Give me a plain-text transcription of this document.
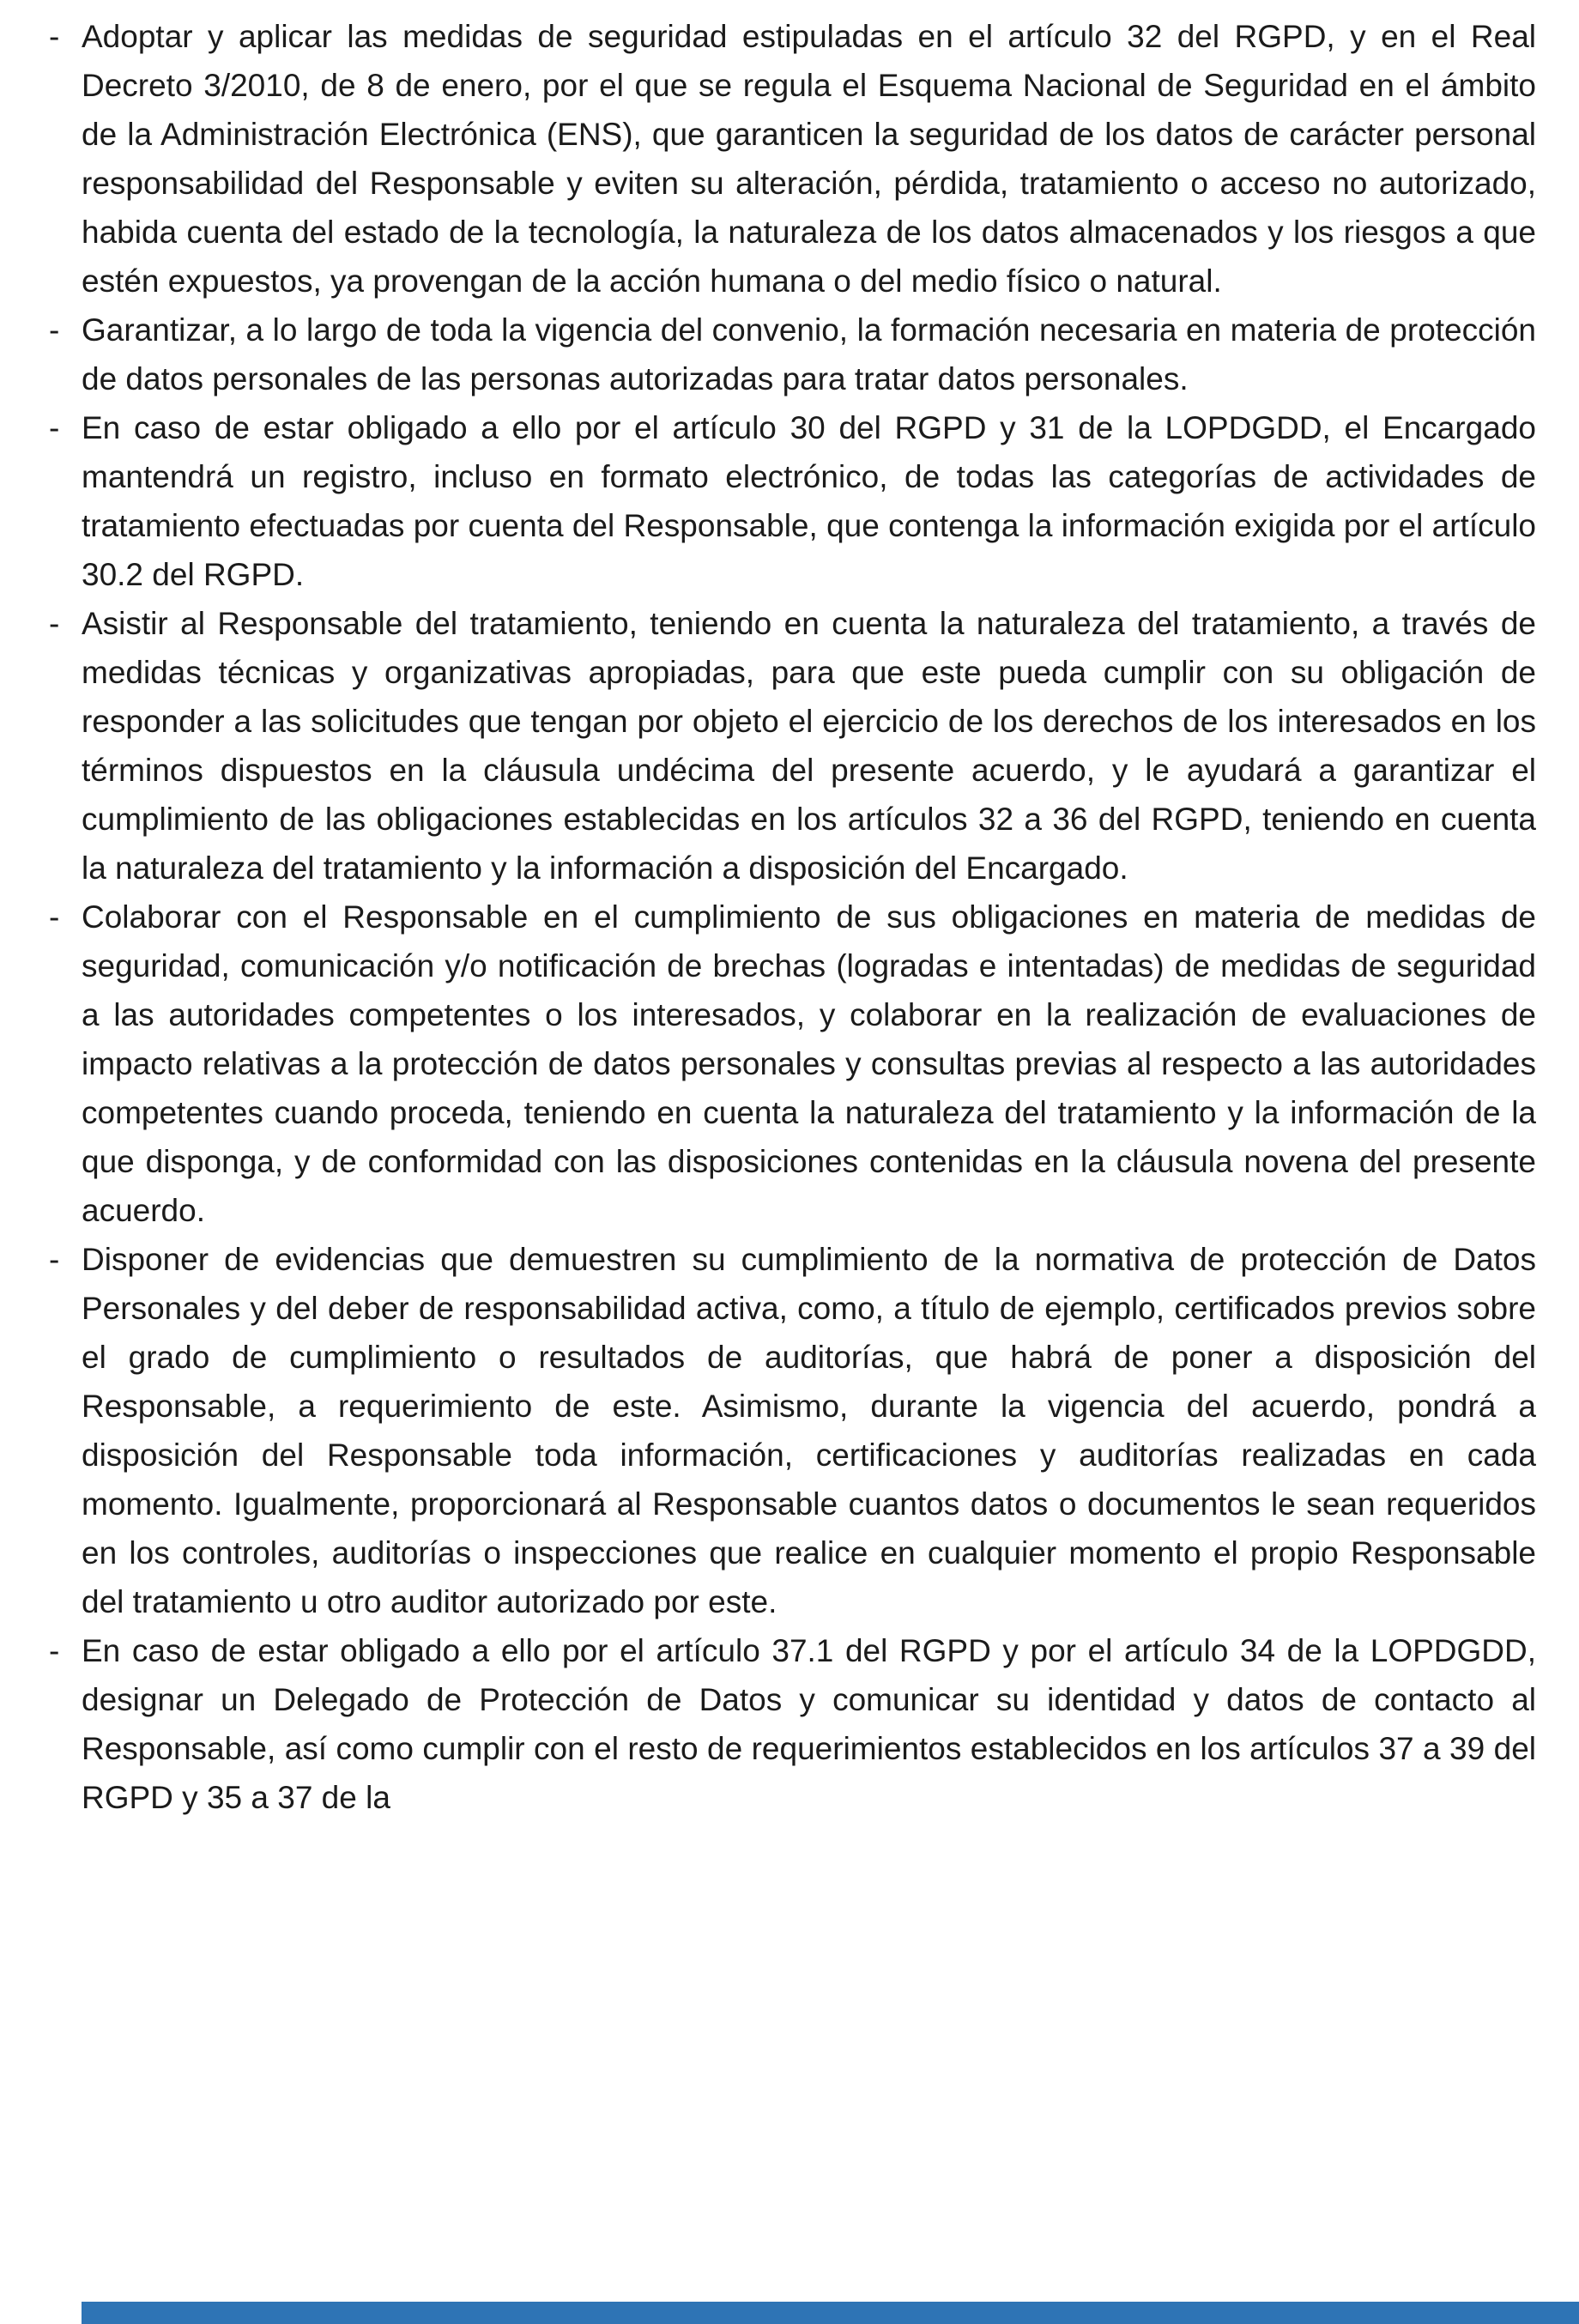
- Adoptar y aplicar las medidas de seguridad estipuladas en el artículo 32 del RGPD, y en el Real Decreto 3/2010, de 8 de enero, por el que se regula el Esquema Nacional de Seguridad en el ámbito de la Administración Electrónica (ENS), que garanticen la seguridad de los datos de carácter personal responsabilidad del Responsable y eviten su alteración, pérdida, tratamiento o acceso no autorizado, habida cuenta del estado de la tecnología, la naturaleza de los datos almacenados y los riesgos a que estén expuestos, ya provengan de la acción humana o del medio físico o natural.
- Garantizar, a lo largo de toda la vigencia del convenio, la formación necesaria en materia de protección de datos personales de las personas autorizadas para tratar datos personales.
- En caso de estar obligado a ello por el artículo 30 del RGPD y 31 de la LOPDGDD, el Encargado mantendrá un registro, incluso en formato electrónico, de todas las categorías de actividades de tratamiento efectuadas por cuenta del Responsable, que contenga la información exigida por el artículo 30.2 del RGPD.
- Asistir al Responsable del tratamiento, teniendo en cuenta la naturaleza del tratamiento, a través de medidas técnicas y organizativas apropiadas, para que este pueda cumplir con su obligación de responder a las solicitudes que tengan por objeto el ejercicio de los derechos de los interesados en los términos dispuestos en la cláusula undécima del presente acuerdo, y le ayudará a garantizar el cumplimiento de las obligaciones establecidas en los artículos 32 a 36 del RGPD, teniendo en cuenta la naturaleza del tratamiento y la información a disposición del Encargado.
- Colaborar con el Responsable en el cumplimiento de sus obligaciones en materia de medidas de seguridad, comunicación y/o notificación de brechas (logradas e intentadas) de medidas de seguridad a las autoridades competentes o los interesados, y colaborar en la realización de evaluaciones de impacto relativas a la protección de datos personales y consultas previas al respecto a las autoridades competentes cuando proceda, teniendo en cuenta la naturaleza del tratamiento y la información de la que disponga, y de conformidad con las disposiciones contenidas en la cláusula novena del presente acuerdo.
- Disponer de evidencias que demuestren su cumplimiento de la normativa de protección de Datos Personales y del deber de responsabilidad activa, como, a título de ejemplo, certificados previos sobre el grado de cumplimiento o resultados de auditorías, que habrá de poner a disposición del Responsable, a requerimiento de este. Asimismo, durante la vigencia del acuerdo, pondrá a disposición del Responsable toda información, certificaciones y auditorías realizadas en cada momento. Igualmente, proporcionará al Responsable cuantos datos o documentos le sean requeridos en los controles, auditorías o inspecciones que realice en cualquier momento el propio Responsable del tratamiento u otro auditor autorizado por este.
- En caso de estar obligado a ello por el artículo 37.1 del RGPD y por el artículo 34 de la LOPDGDD, designar un Delegado de Protección de Datos y comunicar su identidad y datos de contacto al Responsable, así como cumplir con el resto de requerimientos establecidos en los artículos 37 a 39 del RGPD y 35 a 37 de la
